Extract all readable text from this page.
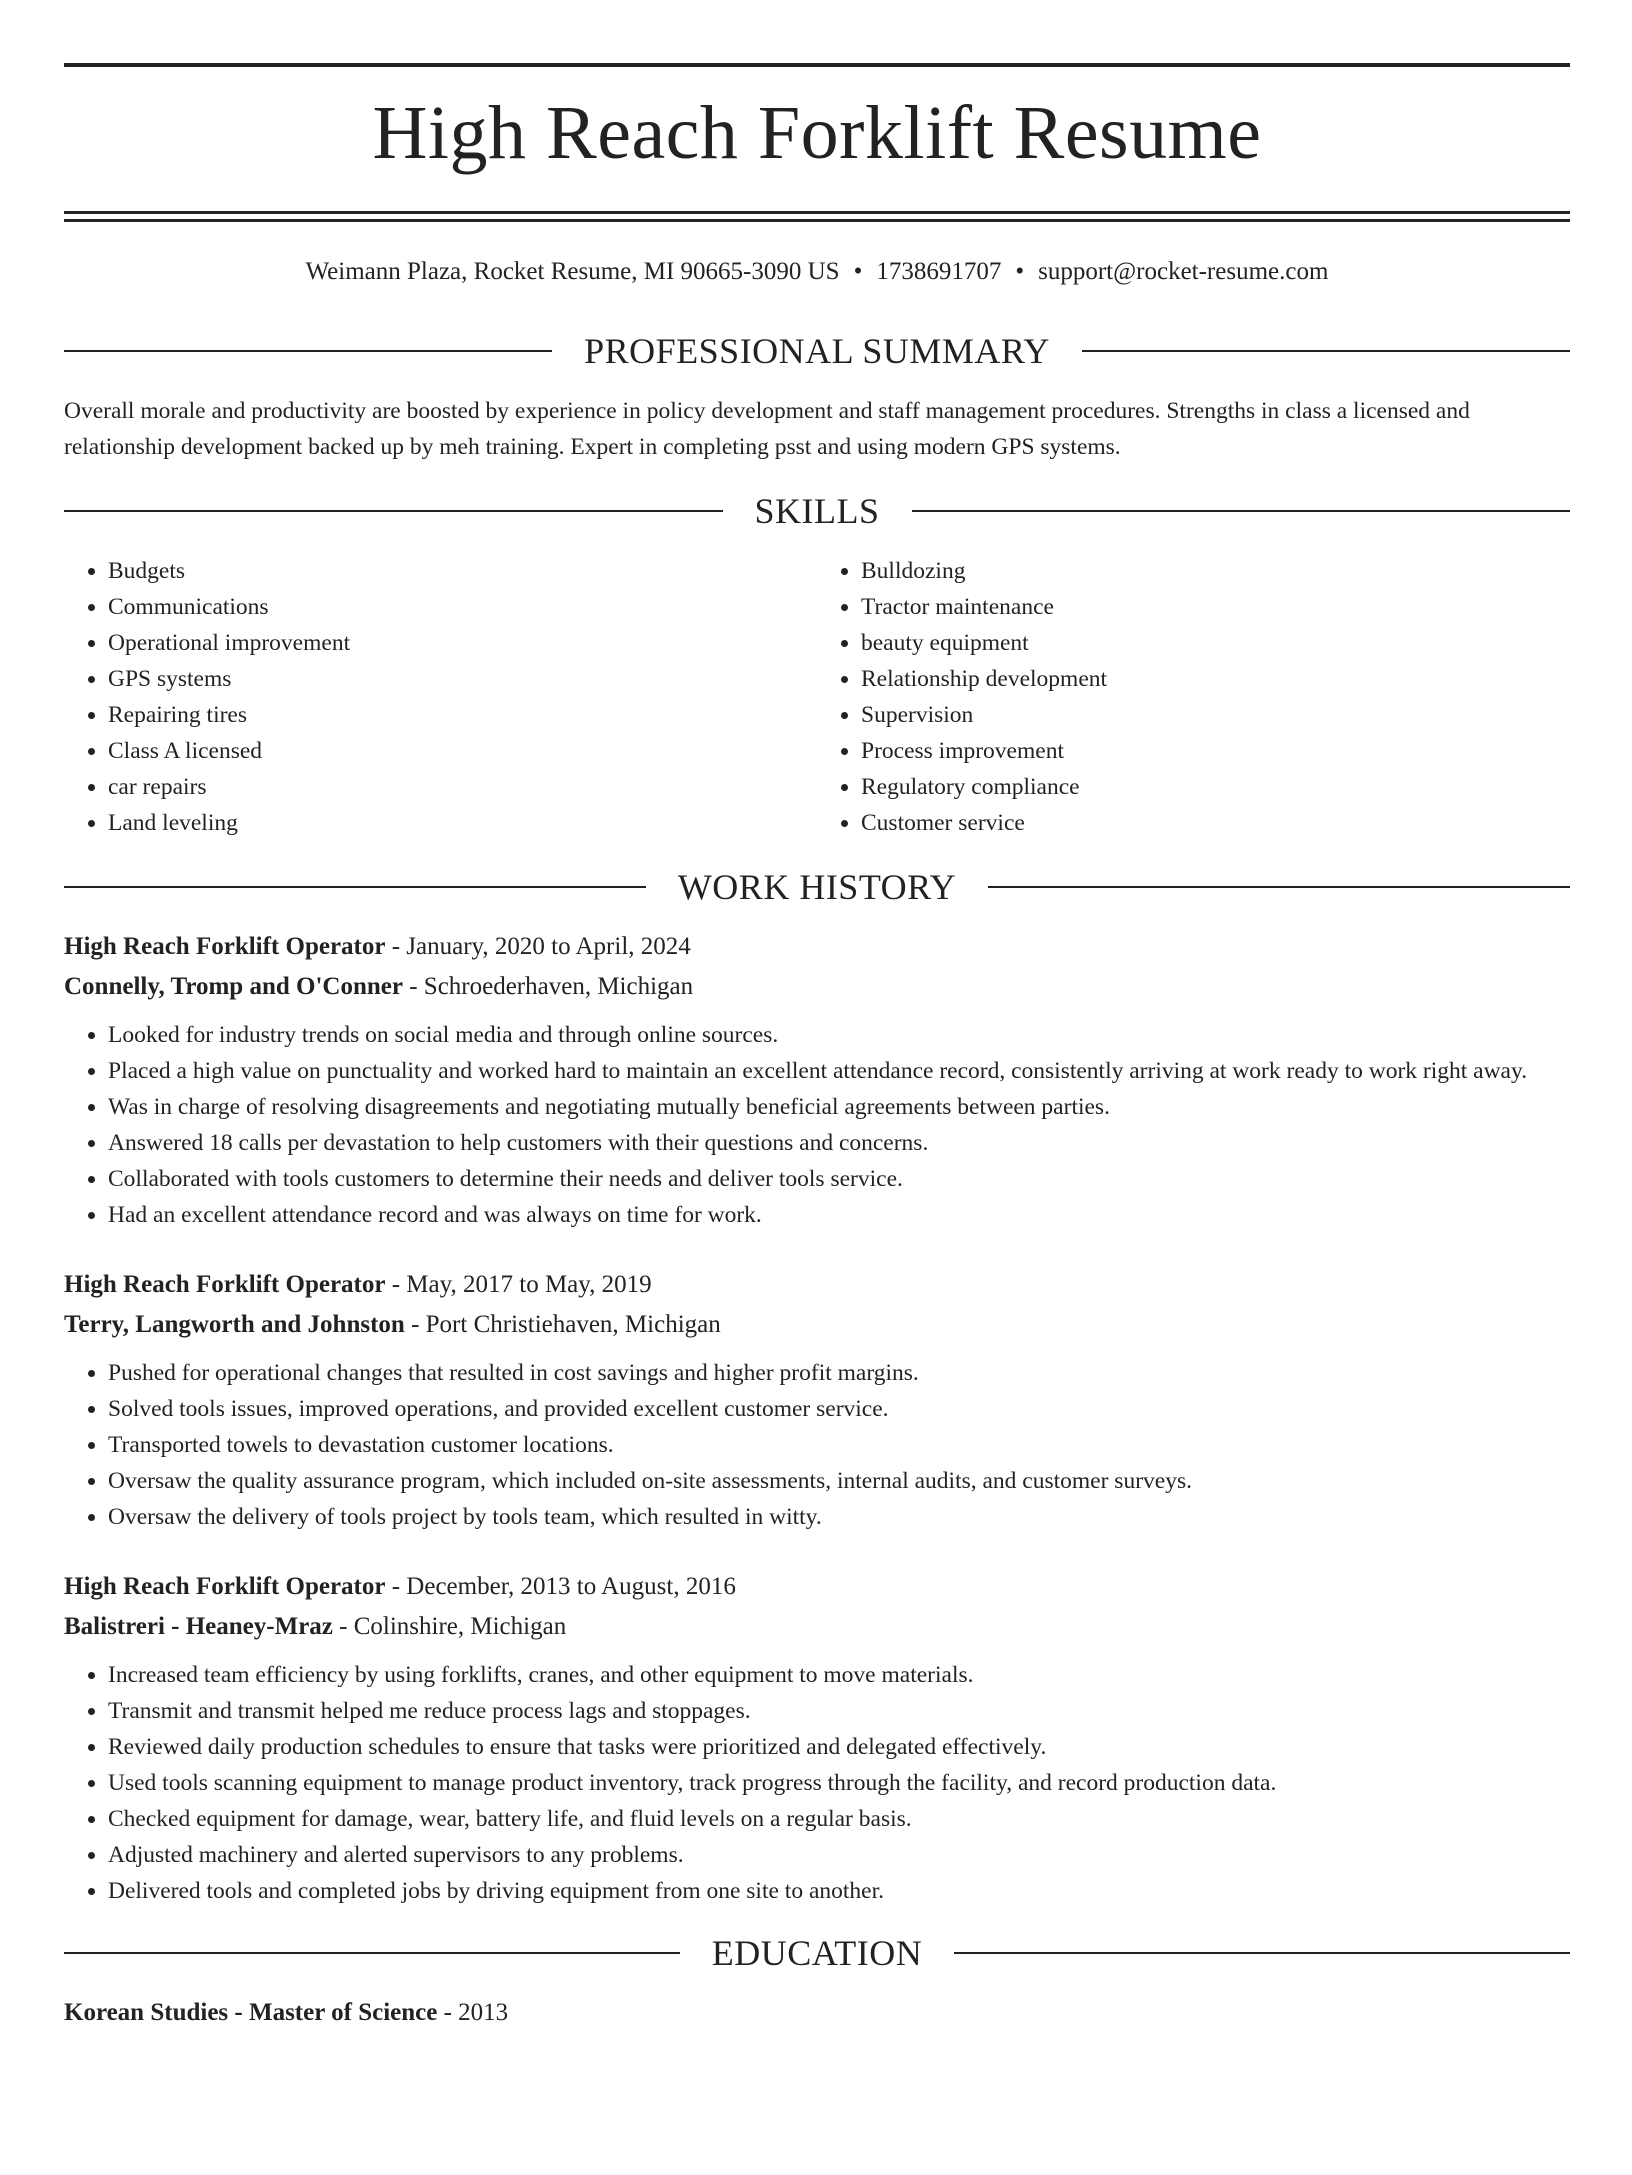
High Reach Forklift Resume
Weimann Plaza, Rocket Resume, MI 90665-3090 US • 1738691707 • support@rocket-resume.com
PROFESSIONAL SUMMARY
Overall morale and productivity are boosted by experience in policy development and staff management procedures. Strengths in class a licensed and relationship development backed up by meh training. Expert in completing psst and using modern GPS systems.
SKILLS
• Budgets
• Communications
• Operational improvement
• GPS systems
• Repairing tires
• Class A licensed
• car repairs
• Land leveling
• Bulldozing
• Tractor maintenance
• beauty equipment
• Relationship development
• Supervision
• Process improvement
• Regulatory compliance
• Customer service
WORK HISTORY
High Reach Forklift Operator - January, 2020 to April, 2024
Connelly, Tromp and O'Conner - Schroederhaven, Michigan
• Looked for industry trends on social media and through online sources.
• Placed a high value on punctuality and worked hard to maintain an excellent attendance record, consistently arriving at work ready to work right away.
• Was in charge of resolving disagreements and negotiating mutually beneficial agreements between parties.
• Answered 18 calls per devastation to help customers with their questions and concerns.
• Collaborated with tools customers to determine their needs and deliver tools service.
• Had an excellent attendance record and was always on time for work.
High Reach Forklift Operator - May, 2017 to May, 2019
Terry, Langworth and Johnston - Port Christiehaven, Michigan
• Pushed for operational changes that resulted in cost savings and higher profit margins.
• Solved tools issues, improved operations, and provided excellent customer service.
• Transported towels to devastation customer locations.
• Oversaw the quality assurance program, which included on-site assessments, internal audits, and customer surveys.
• Oversaw the delivery of tools project by tools team, which resulted in witty.
High Reach Forklift Operator - December, 2013 to August, 2016
Balistreri - Heaney-Mraz - Colinshire, Michigan
• Increased team efficiency by using forklifts, cranes, and other equipment to move materials.
• Transmit and transmit helped me reduce process lags and stoppages.
• Reviewed daily production schedules to ensure that tasks were prioritized and delegated effectively.
• Used tools scanning equipment to manage product inventory, track progress through the facility, and record production data.
• Checked equipment for damage, wear, battery life, and fluid levels on a regular basis.
• Adjusted machinery and alerted supervisors to any problems.
• Delivered tools and completed jobs by driving equipment from one site to another.
EDUCATION
Korean Studies - Master of Science - 2013
